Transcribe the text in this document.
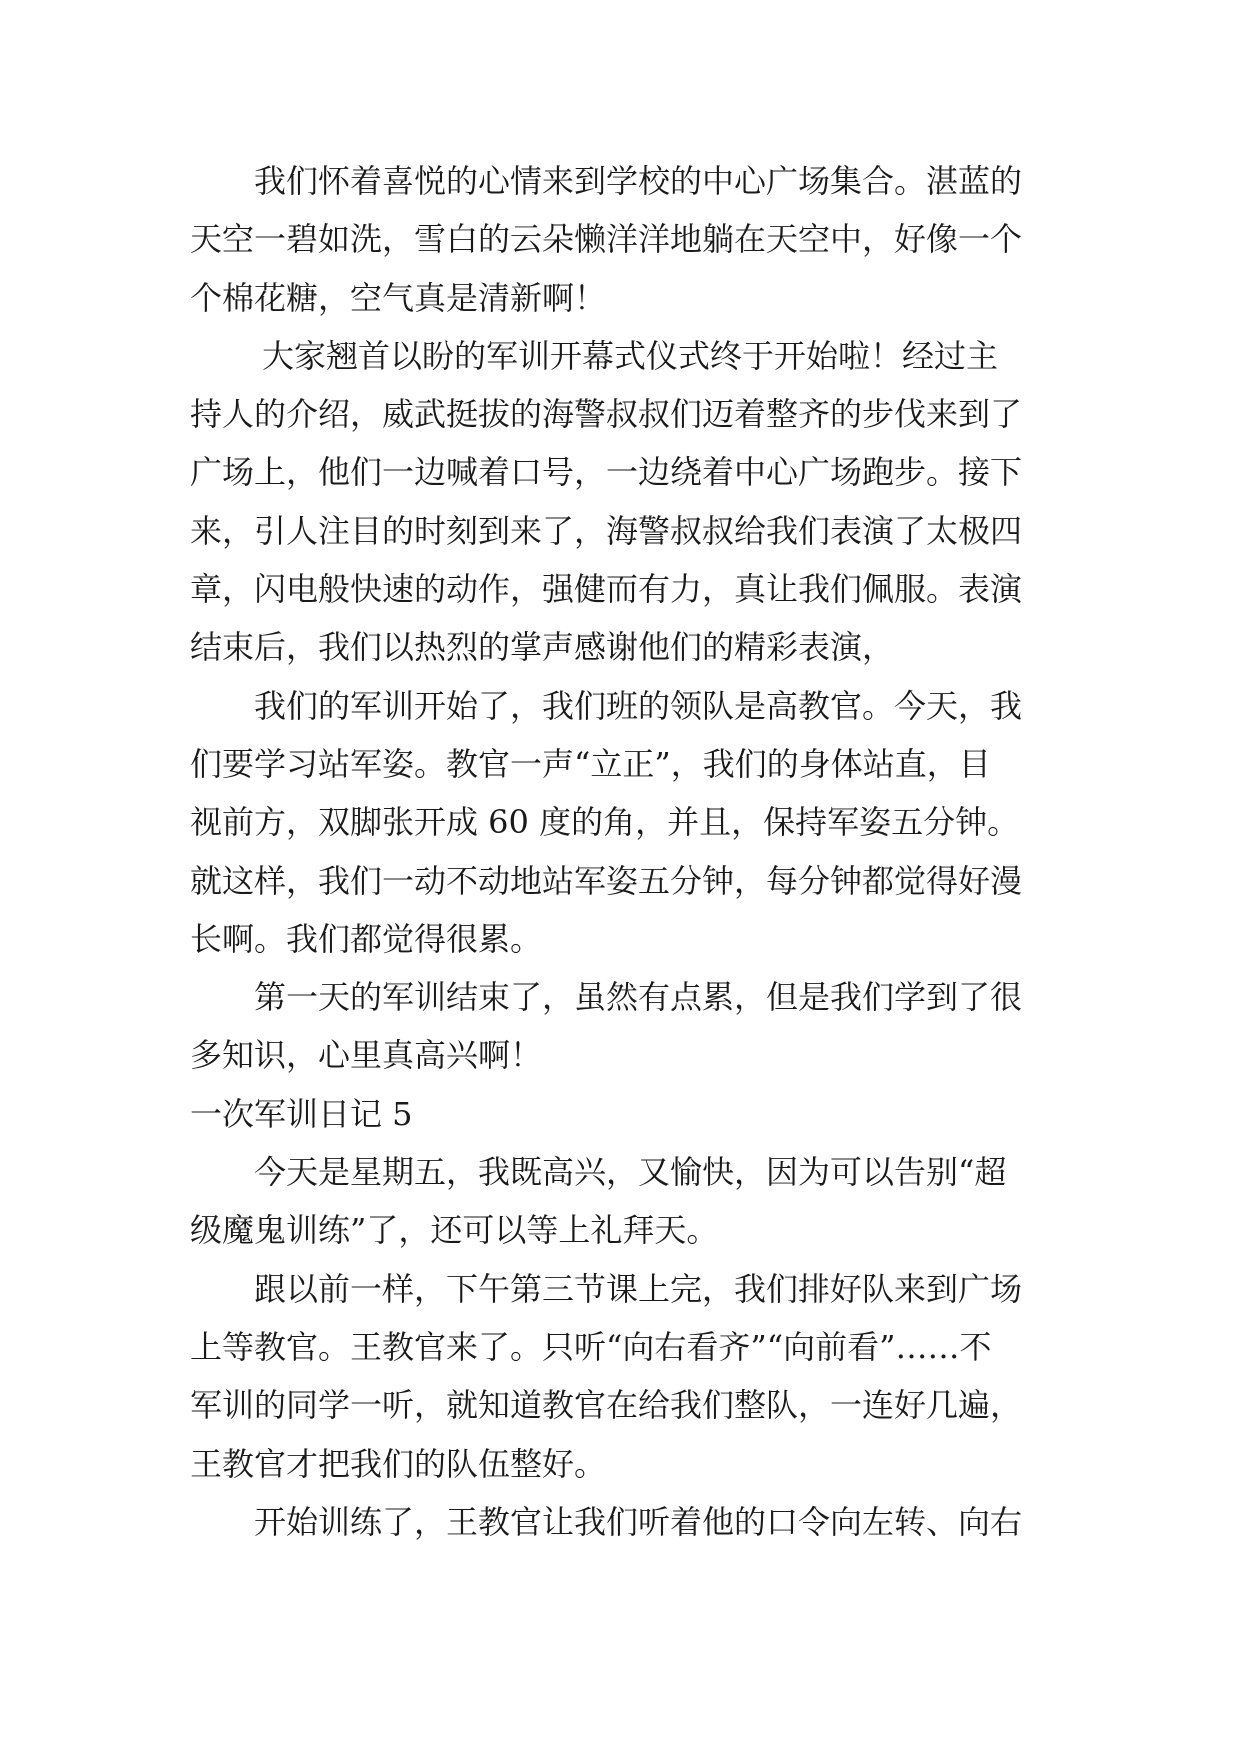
我们怀着喜悦的心情来到学校的中心广场集合。湛蓝的
天空一碧如洗，雪白的云朵懒洋洋地躺在天空中，好像一个
个棉花糖，空气真是清新啊！
大家翘首以盼的军训开幕式仪式终于开始啦！经过主
持人的介绍，威武挺拔的海警叔叔们迈着整齐的步伐来到了
广场上，他们一边喊着口号，一边绕着中心广场跑步。接下
来，引人注目的时刻到来了，海警叔叔给我们表演了太极四
章，闪电般快速的动作，强健而有力，真让我们佩服。表演
结束后，我们以热烈的掌声感谢他们的精彩表演，
我们的军训开始了，我们班的领队是高教官。今天，我
们要学习站军姿。教官一声“立正”，我们的身体站直，目
视前方，双脚张开成 60 度的角，并且，保持军姿五分钟。
就这样，我们一动不动地站军姿五分钟，每分钟都觉得好漫
长啊。我们都觉得很累。
第一天的军训结束了，虽然有点累，但是我们学到了很
多知识，心里真高兴啊！
一次军训日记 5
今天是星期五，我既高兴，又愉快，因为可以告别“超
级魔鬼训练”了，还可以等上礼拜天。
跟以前一样，下午第三节课上完，我们排好队来到广场
上等教官。王教官来了。只听“向右看齐”“向前看”……不
军训的同学一听，就知道教官在给我们整队，一连好几遍，
王教官才把我们的队伍整好。
开始训练了，王教官让我们听着他的口令向左转、向右
